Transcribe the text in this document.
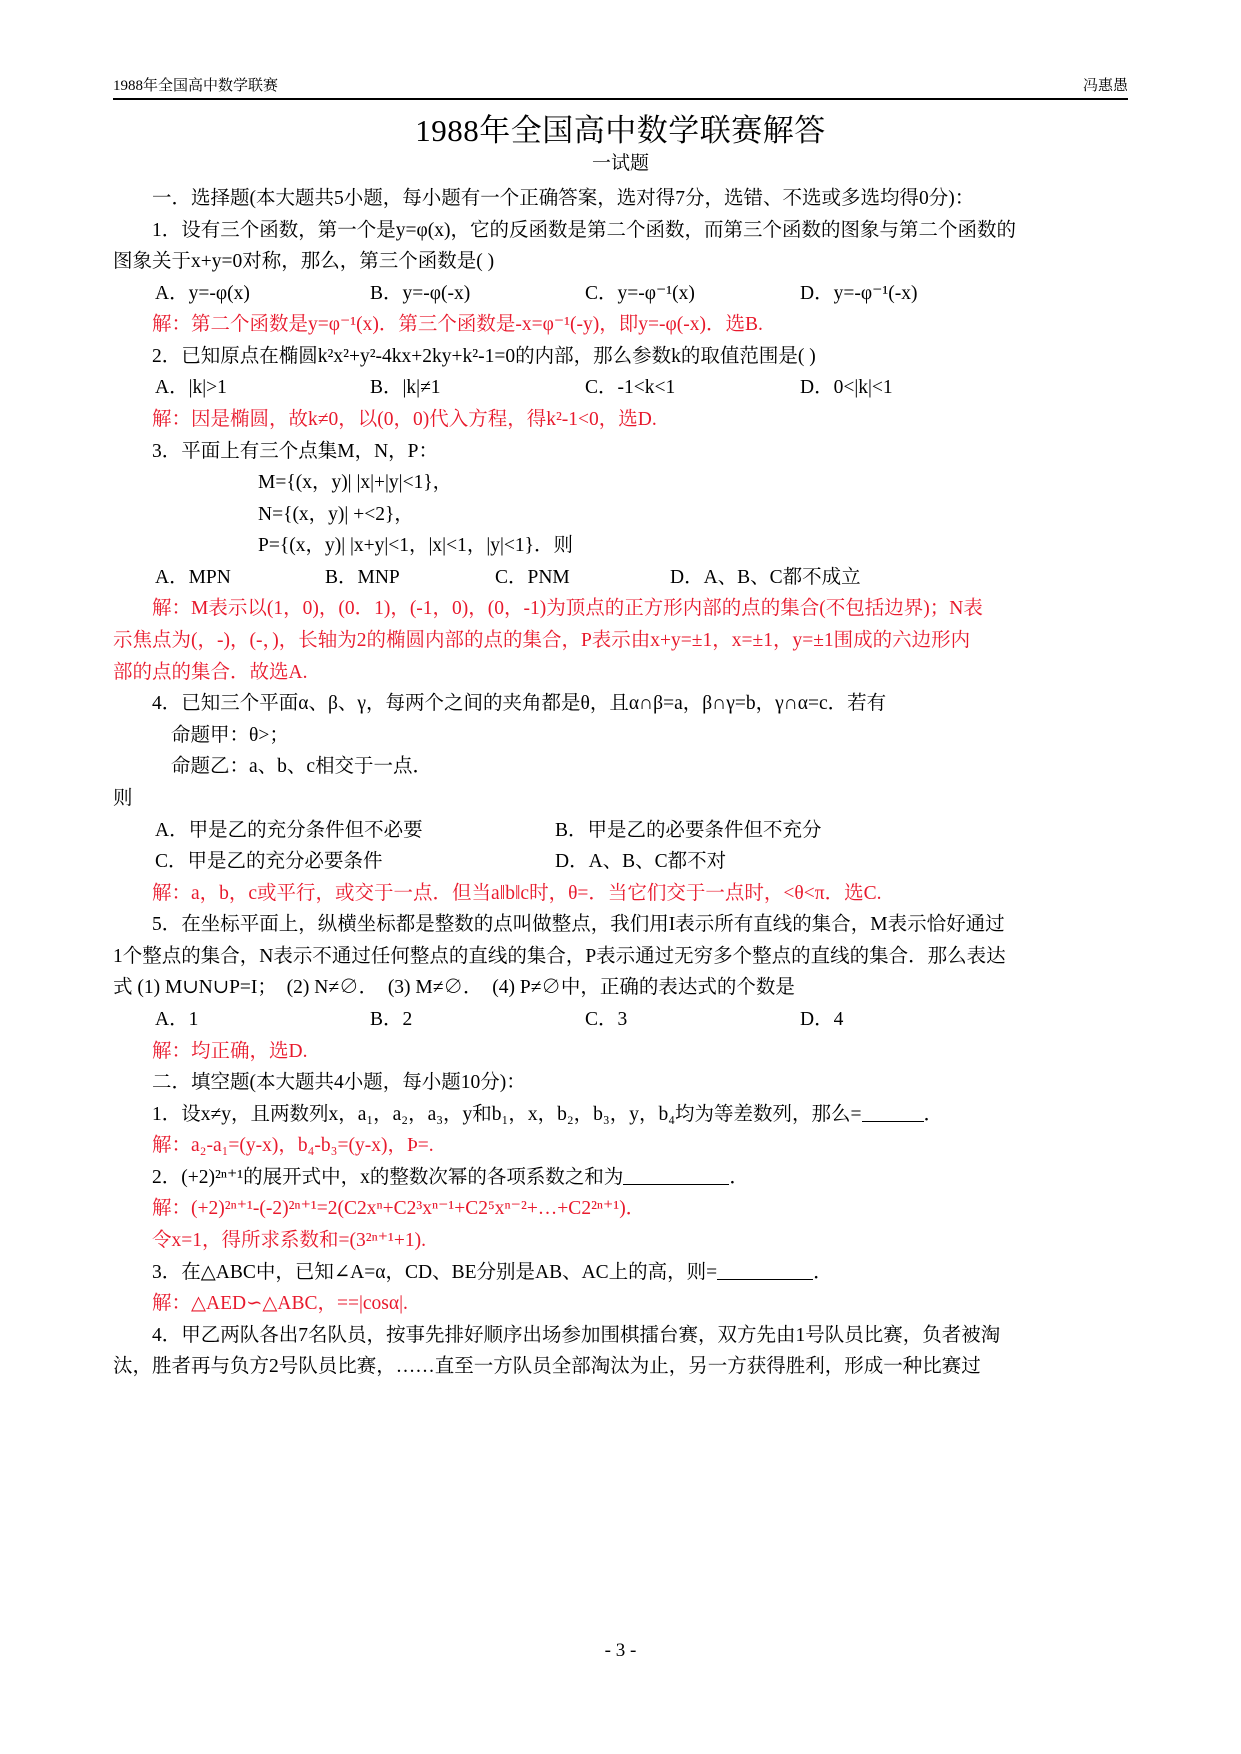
1988年全国高中数学联赛	冯惠愚
1988年全国高中数学联赛解答
一试题

一．选择题(本大题共5小题，每小题有一个正确答案，选对得7分，选错、不选或多选均得0分)：

1．设有三个函数，第一个是y=φ(x)，它的反函数是第二个函数，而第三个函数的图象与第二个函数的

图象关于x+y=0对称，那么，第三个函数是( )

A．y=-φ(x)	B．y=-φ(-x)	C．y=-φ⁻¹(x)	D．y=-φ⁻¹(-x)

解：第二个函数是y=φ⁻¹(x)．第三个函数是-x=φ⁻¹(-y)，即y=-φ(-x)．选B.

2．已知原点在椭圆k²x²+y²-4kx+2ky+k²-1=0的内部，那么参数k的取值范围是( )

A．|k|>1	B．|k|≠1	C．-1<k<1	D．0<|k|<1

解：因是椭圆，故k≠0，以(0，0)代入方程，得k²-1<0，选D.

3．平面上有三个点集M，N，P：

M={(x，y)| |x|+|y|<1}，

N={(x，y)| +<2}，

P={(x，y)| |x+y|<1，|x|<1，|y|<1}．则

A．MPN	B．MNP	C．PNM	D．A、B、C都不成立

解：M表示以(1，0)，(0．1)，(-1，0)，(0，-1)为顶点的正方形内部的点的集合(不包括边界)；N表

示焦点为(，-)，(-，)，长轴为2的椭圆内部的点的集合，P表示由x+y=±1，x=±1，y=±1围成的六边形内

部的点的集合．故选A.

4．已知三个平面α、β、γ，每两个之间的夹角都是θ，且α∩β=a，β∩γ=b，γ∩α=c．若有

命题甲：θ>；

命题乙：a、b、c相交于一点．

则

A．甲是乙的充分条件但不必要	B．甲是乙的必要条件但不充分
C．甲是乙的充分必要条件	D．A、B、C都不对

解：a，b，c或平行，或交于一点．但当a‖b‖c时，θ=．当它们交于一点时，<θ<π．选C.

5．在坐标平面上，纵横坐标都是整数的点叫做整点，我们用I表示所有直线的集合，M表示恰好通过

1个整点的集合，N表示不通过任何整点的直线的集合，P表示通过无穷多个整点的直线的集合．那么表达

式 (1) M∪N∪P=I；　(2) N≠∅．　(3) M≠∅．　(4) P≠∅中，正确的表达式的个数是

A．1	B．2	C．3	D．4

解：均正确，选D.

二．填空题(本大题共4小题，每小题10分)：

1．设x≠y，且两数列x，a₁，a₂，a₃，y和b₁，x，b₂，b₃，y，b₄均为等差数列，那么=	．

解：a₂-a₁=(y-x)，b₄-b₃=(y-x)，Þ=.

2．(+2)²ⁿ⁺¹的展开式中，x的整数次幂的各项系数之和为	．

解：(+2)²ⁿ⁺¹-(-2)²ⁿ⁺¹=2(C2xⁿ+C2³xⁿ⁻¹+C2⁵xⁿ⁻²+…+C2²ⁿ⁺¹)．

令x=1，得所求系数和=(3²ⁿ⁺¹+1).

3．在△ABC中，已知∠A=α，CD、BE分别是AB、AC上的高，则=	．

解：△AED∽△ABC，==|cosα|.

4．甲乙两队各出7名队员，按事先排好顺序出场参加围棋擂台赛，双方先由1号队员比赛，负者被淘

汰，胜者再与负方2号队员比赛，……直至一方队员全部淘汰为止，另一方获得胜利，形成一种比赛过

- 3 -
